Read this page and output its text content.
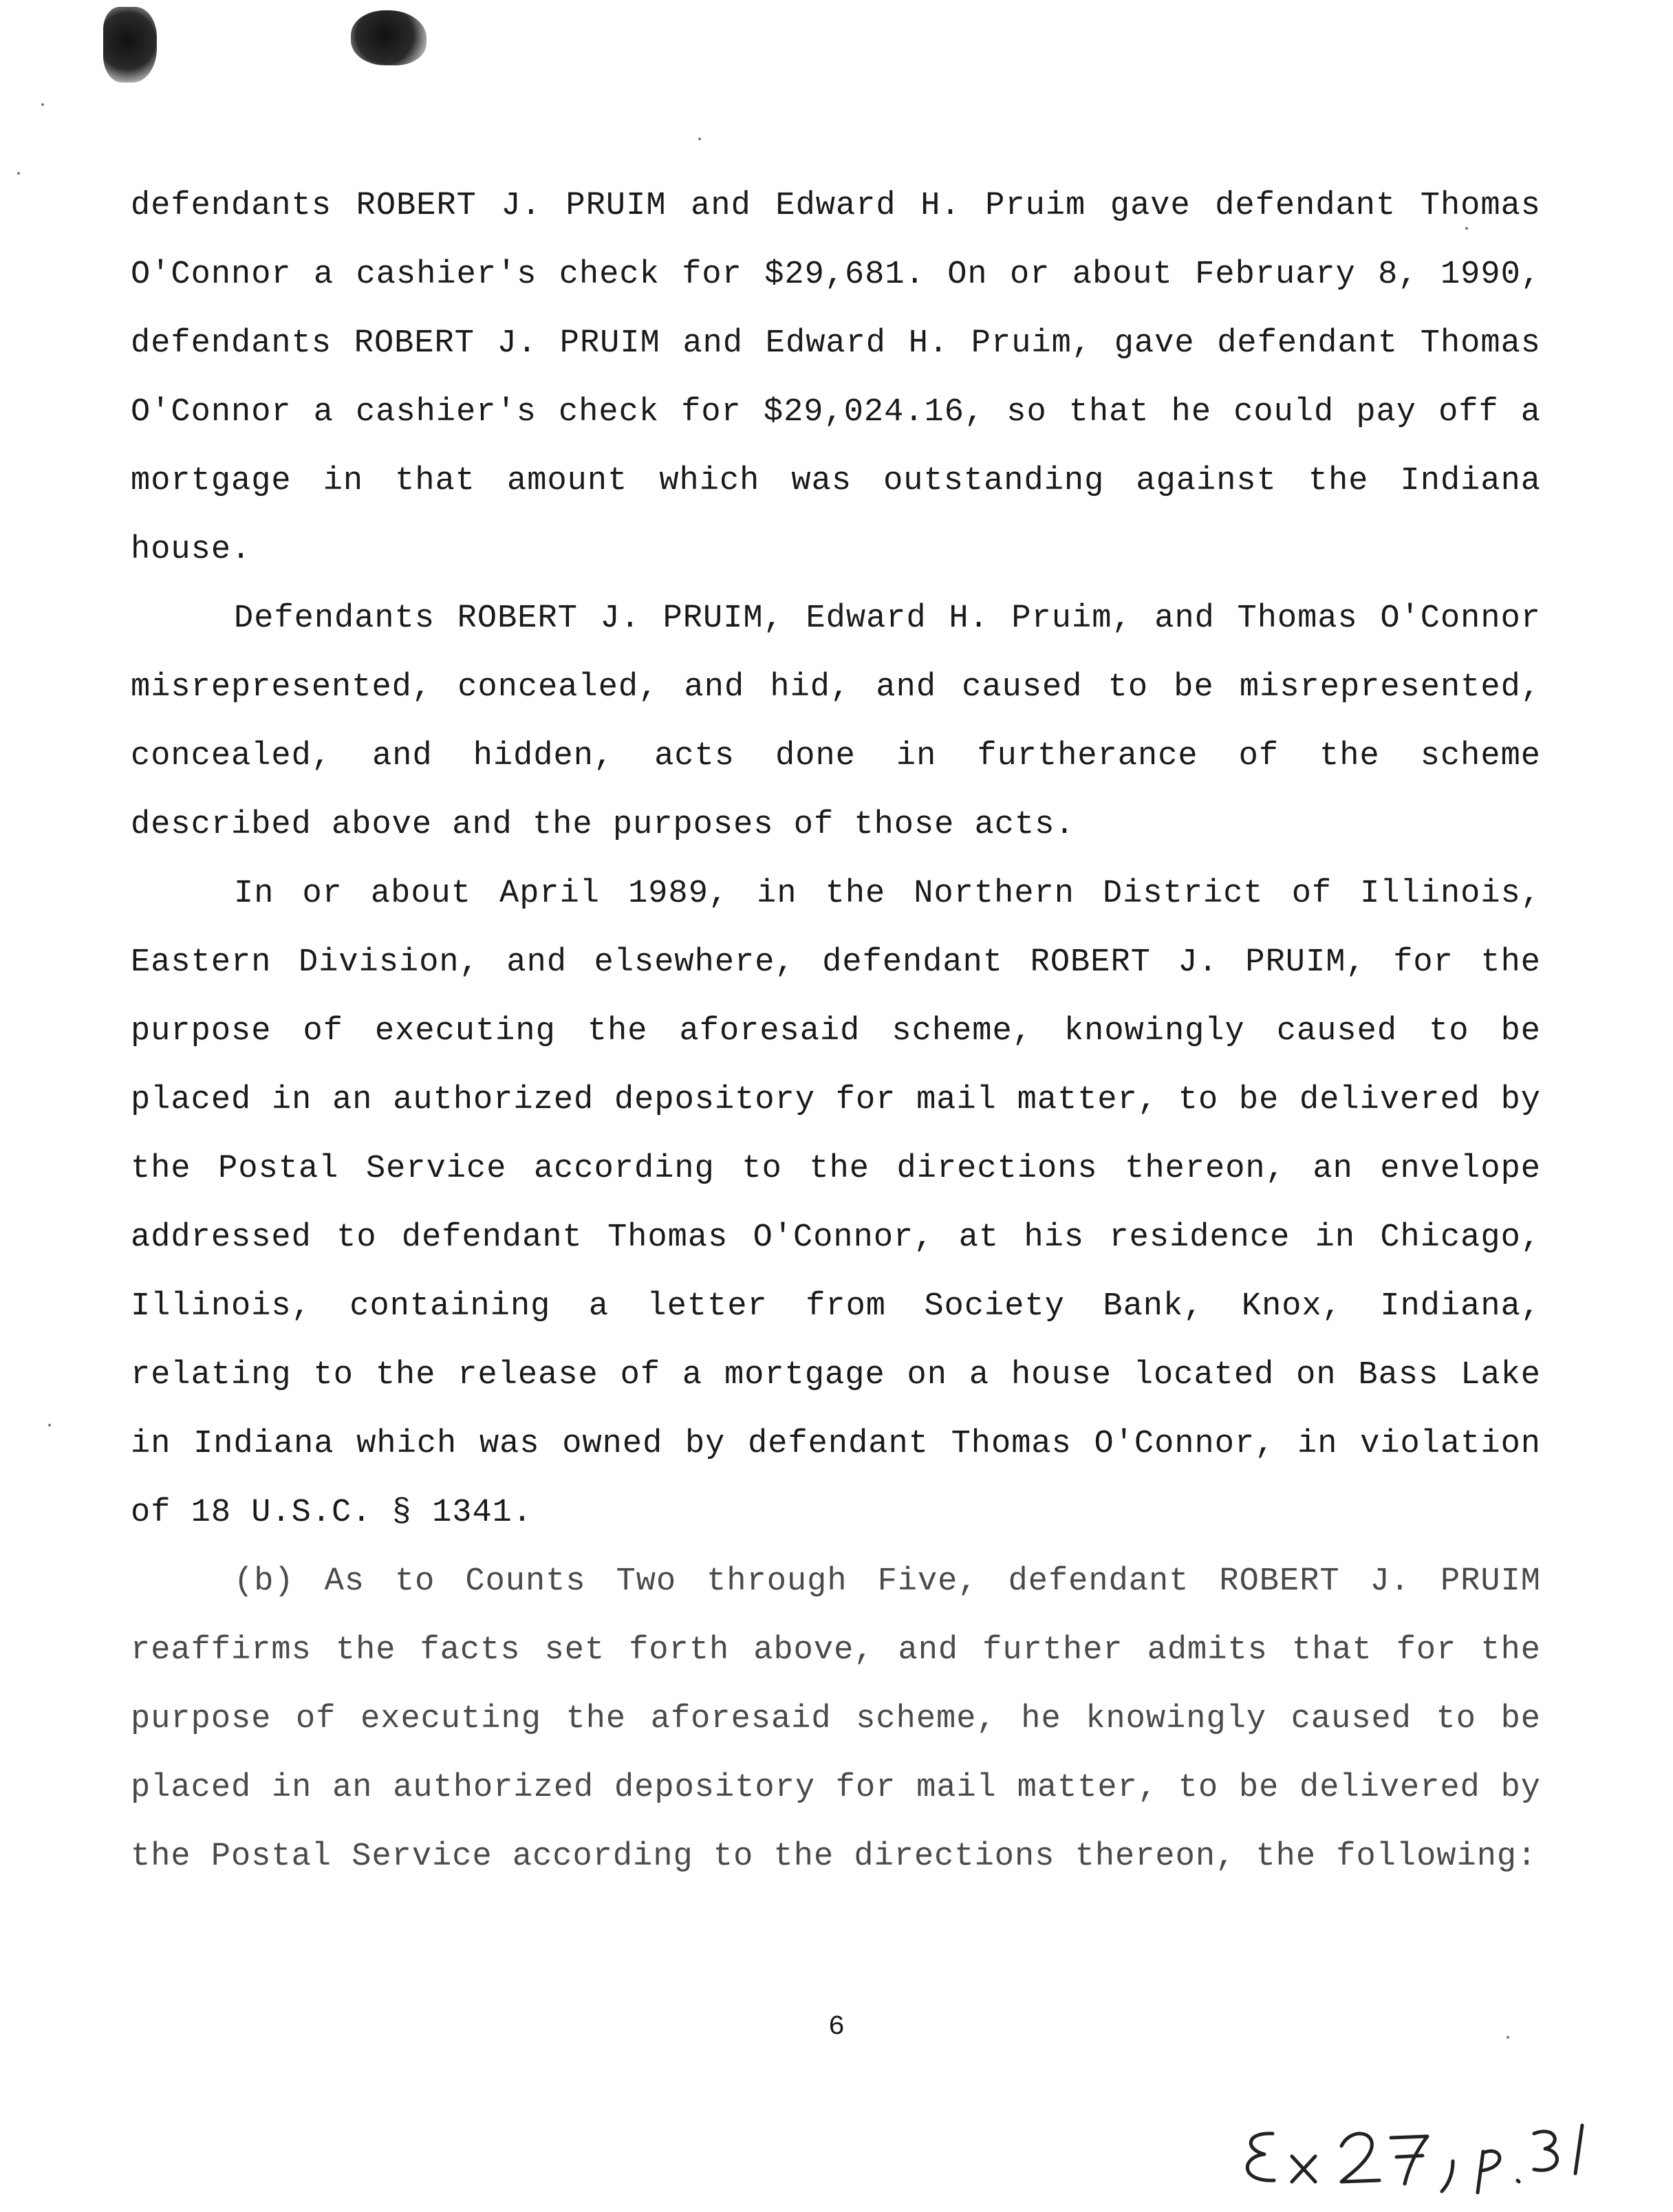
defendants ROBERT J. PRUIM and Edward H. Pruim gave defendant Thomas O'Connor a cashier's check for $29,681. On or about February 8, 1990, defendants ROBERT J. PRUIM and Edward H. Pruim, gave defendant Thomas O'Connor a cashier's check for $29,024.16, so that he could pay off a mortgage in that amount which was outstanding against the Indiana house.

Defendants ROBERT J. PRUIM, Edward H. Pruim, and Thomas O'Connor misrepresented, concealed, and hid, and caused to be misrepresented, concealed, and hidden, acts done in furtherance of the scheme described above and the purposes of those acts.

In or about April 1989, in the Northern District of Illinois, Eastern Division, and elsewhere, defendant ROBERT J. PRUIM, for the purpose of executing the aforesaid scheme, knowingly caused to be placed in an authorized depository for mail matter, to be delivered by the Postal Service according to the directions thereon, an envelope addressed to defendant Thomas O'Connor, at his residence in Chicago, Illinois, containing a letter from Society Bank, Knox, Indiana, relating to the release of a mortgage on a house located on Bass Lake in Indiana which was owned by defendant Thomas O'Connor, in violation of 18 U.S.C. § 1341.

(b) As to Counts Two through Five, defendant ROBERT J. PRUIM reaffirms the facts set forth above, and further admits that for the purpose of executing the aforesaid scheme, he knowingly caused to be placed in an authorized depository for mail matter, to be delivered by the Postal Service according to the directions thereon, the following:

6
Ex 27, p.31
